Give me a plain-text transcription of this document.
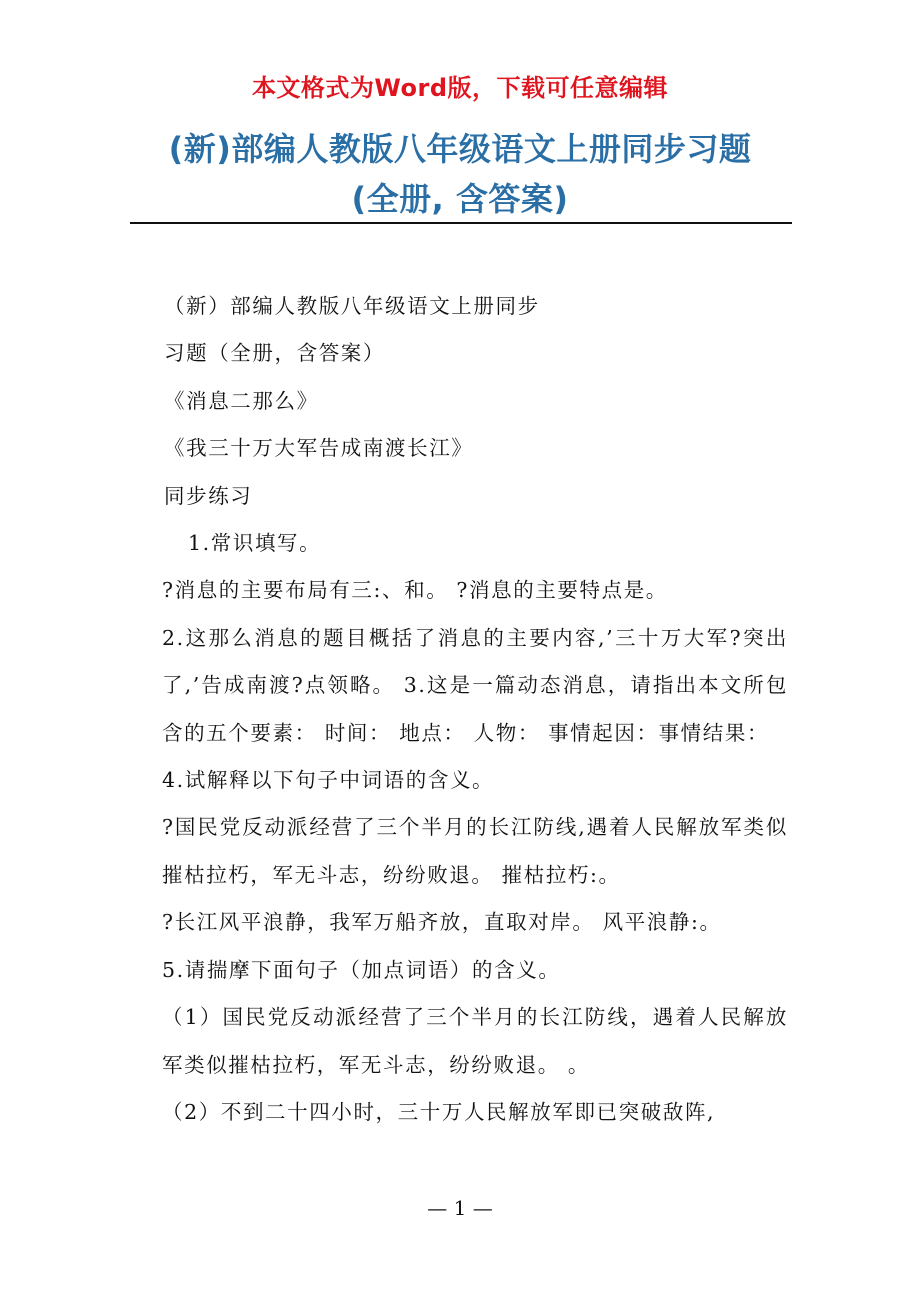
本文格式为Word版，下载可任意编辑
(新)部编人教版八年级语文上册同步习题
(全册, 含答案)

（新）部编人教版八年级语文上册同步

习题（全册，含答案）

《消息二那么》

《我三十万大军告成南渡长江》

同步练习

1.常识填写。

?消息的主要布局有三:、和。 ?消息的主要特点是。

2.这那么消息的题目概括了消息的主要内容,’三十万大军?突出了,’告成南渡?点领略。 3.这是一篇动态消息，请指出本文所包含的五个要素： 时间： 地点： 人物： 事情起因：事情结果：

4.试解释以下句子中词语的含义。

?国民党反动派经营了三个半月的长江防线,遇着人民解放军类似摧枯拉朽，军无斗志，纷纷败退。 摧枯拉朽:。

?长江风平浪静，我军万船齐放，直取对岸。 风平浪静:。

5.请揣摩下面句子（加点词语）的含义。

（1）国民党反动派经营了三个半月的长江防线，遇着人民解放军类似摧枯拉朽，军无斗志，纷纷败退。 。

（2）不到二十四小时，三十万人民解放军即已突破敌阵,

— 1 —
